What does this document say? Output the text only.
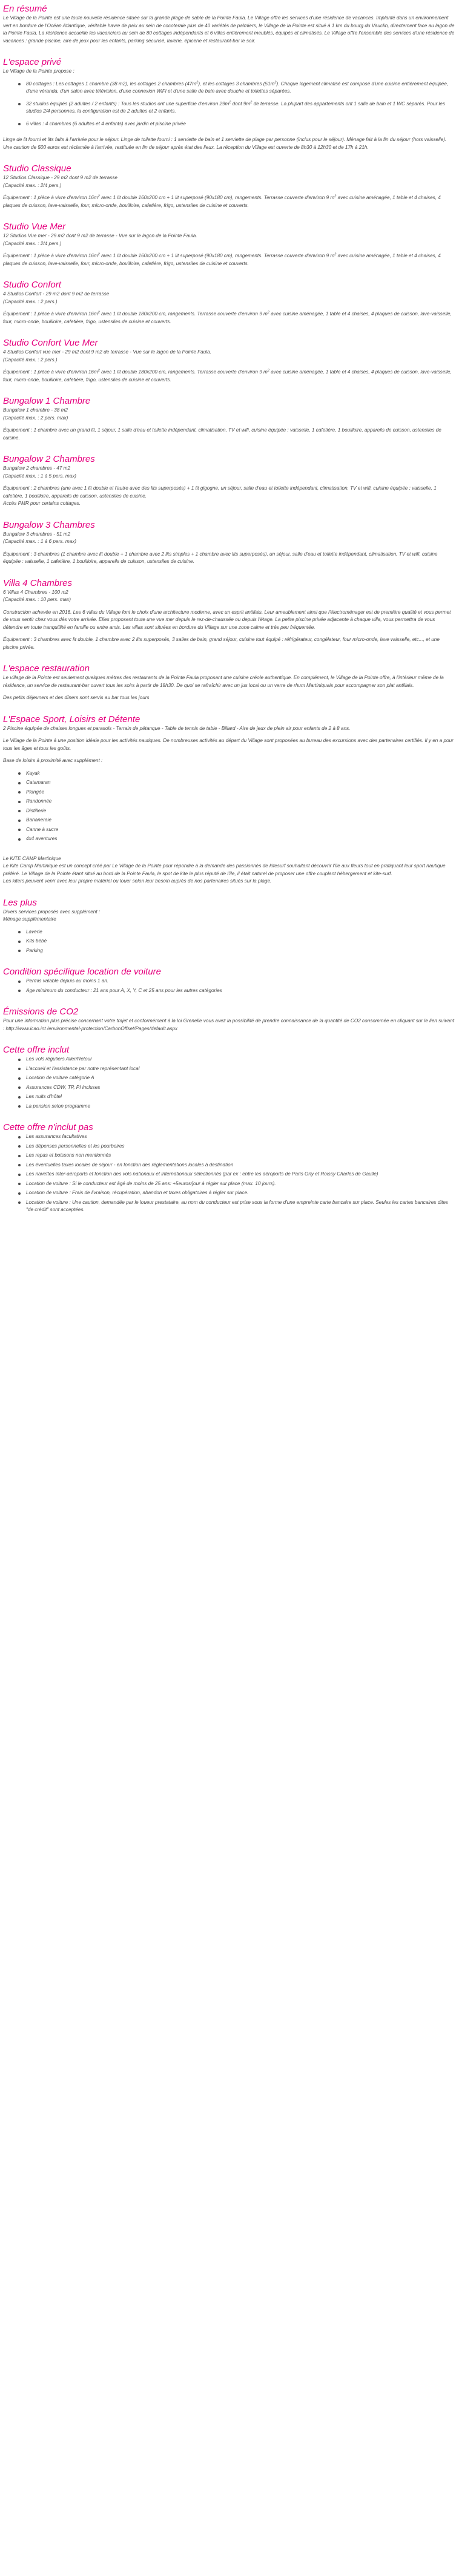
En résumé

Le Village de la Pointe est une toute nouvelle résidence située sur la grande plage de sable de la Pointe Faula. Le Village offre les services d'une résidence de vacances. Implanté dans un environnement vert en bordure de l'Océan Atlantique, véritable havre de paix au sein de cocoteraie plus de 40 variétés de palmiers, le Village de la Pointe est situé à 1 km du bourg du Vauclin, directement face au lagon de la Pointe Faula. La résidence accueille les vacanciers au sein de 80 cottages indépendants et 6 villas entièrement meublés, équipés et climatisés. Le Village offre l'ensemble des services d'une résidence de vacances : grande piscine, aire de jeux pour les enfants, parking sécurisé, laverie, épicerie et restaurant-bar le soir.

L'espace privé

Le Village de la Pointe propose :

80 cottages : Les cottages 1 chambre (38 m2), les cottages 2 chambres $(47m^2)$, et les cottages 3 chambres $(51m^2)$. Chaque logement climatisé est composé d'une cuisine entièrement équipée, d'une véranda, d'un salon avec télévision, d'une connexion WiFi et d'une salle de bain avec douche et toilettes séparées.
32 studios équipés (2 adultes / 2 enfants) : Tous les studios ont une superficie d'environ $29m^2$ dont $9m^2$ de terrasse. La plupart des appartements ont 1 salle de bain et 1 WC séparés. Pour les studios 2/4 personnes, la configuration est de 2 adultes et 2 enfants.
6 villas : 4 chambres (6 adultes et 4 enfants) avec jardin et piscine privée

Linge de lit fourni et lits faits à l'arrivée pour le séjour. Linge de toilette fourni : 1 serviette de bain et 1 serviette de plage par personne (inclus pour le séjour). Ménage fait à la fin du séjour (hors vaisselle). Une caution de 500 euros est réclamée à l'arrivée, restituée en fin de séjour après état des lieux. La réception du Village est ouverte de 8h30 à 12h30 et de 17h à 21h.

Studio Classique

12 Studios Classique - 29 m2 dont 9 m2 de terrasse

(Capacité max. : 2/4 pers.)

Équipement : 1 pièce à vivre d'environ $16m^2$ avec 1 lit double 160x200 cm + 1 lit superposé (90x180 cm), rangements. Terrasse couverte d'environ 9 $m^2$ avec cuisine aménagée, 1 table et 4 chaises, 4 plaques de cuisson, lave-vaisselle, four, micro-onde, bouilloire, cafetière, frigo, ustensiles de cuisine et couverts.

Studio Vue Mer

12 Studios Vue mer - 29 m2 dont 9 m2 de terrasse - Vue sur le lagon de la Pointe Faula.

(Capacité max. : 2/4 pers.)

Équipement : 1 pièce à vivre d'environ $16m^2$ avec 1 lit double 160x200 cm + 1 lit superposé (90x180 cm), rangements. Terrasse couverte d'environ 9 $m^2$ avec cuisine aménagée, 1 table et 4 chaises, 4 plaques de cuisson, lave-vaisselle, four, micro-onde, bouilloire, cafetière, frigo, ustensiles de cuisine et couverts.

Studio Confort

4 Studios Confort - 29 m2 dont 9 m2 de terrasse

(Capacité max. : 2 pers.)

Équipement : 1 pièce à vivre d'environ $16m^2$ avec 1 lit double 180x200 cm, rangements. Terrasse couverte d'environ 9 $m^2$ avec cuisine aménagée, 1 table et 4 chaises, 4 plaques de cuisson, lave-vaisselle, four, micro-onde, bouilloire, cafetière, frigo, ustensiles de cuisine et couverts.

Studio Confort Vue Mer

4 Studios Confort vue mer - 29 m2 dont 9 m2 de terrasse - Vue sur le lagon de la Pointe Faula.

(Capacité max. : 2 pers.)

Équipement : 1 pièce à vivre d'environ $16m^2$ avec 1 lit double 180x200 cm, rangements. Terrasse couverte d'environ 9 $m^2$ avec cuisine aménagée, 1 table et 4 chaises, 4 plaques de cuisson, lave-vaisselle, four, micro-onde, bouilloire, cafetière, frigo, ustensiles de cuisine et couverts.

Bungalow 1 Chambre

Bungalow 1 chambre - 38 m2

(Capacité max. : 2 pers. max)

Équipement : 1 chambre avec un grand lit, 1 séjour, 1 salle d'eau et toilette indépendant, climatisation, TV et wifi, cuisine équipée : vaisselle, 1 cafetière, 1 bouilloire, appareils de cuisson, ustensiles de cuisine.

Bungalow 2 Chambres

Bungalow 2 chambres - 47 m2

(Capacité max. : 1 à 5 pers. max)

Équipement : 2 chambres (une avec 1 lit double et l'autre avec des lits superposés) + 1 lit gigogne, un séjour, salle d'eau et toilette indépendant, climatisation, TV et wifi, cuisine équipée : vaisselle, 1 cafetière, 1 bouilloire, appareils de cuisson, ustensiles de cuisine.

Accès PMR pour certains cottages.

Bungalow 3 Chambres

Bungalow 3 chambres - 51 m2

(Capacité max. : 1 à 6 pers. max)

Équipement : 3 chambres (1 chambre avec lit double + 1 chambre avec 2 lits simples + 1 chambre avec lits superposés), un séjour, salle d'eau et toilette indépendant, climatisation, TV et wifi, cuisine équipée : vaisselle, 1 cafetière, 1 bouilloire, appareils de cuisson, ustensiles de cuisine.

Villa 4 Chambres

6 Villas 4 Chambres - 100 m2

(Capacité max. : 10 pers. max)

Construction achevée en 2016. Les 6 villas du Village font le choix d'une architecture moderne, avec un esprit antillais. Leur ameublement ainsi que l'électroménager est de première qualité et vous permet de vous sentir chez vous dès votre arrivée. Elles proposent toute une vue mer depuis le rez-de-chaussée ou depuis l'étage. La petite piscine privée adjacente à chaque villa, vous permettra de vous détendre en toute tranquillité en famille ou entre amis. Les villas sont situées en bordure du Village sur une zone calme et très peu fréquentée.

Équipement : 3 chambres avec lit double, 1 chambre avec 2 lits superposés, 3 salles de bain, grand séjour, cuisine tout équipé : réfrigérateur, congélateur, four micro-onde, lave vaisselle, etc..., et une piscine privée.

L'espace restauration

Le village de la Pointe est seulement quelques mètres des restaurants de la Pointe Faula proposant une cuisine créole authentique. En complément, le Village de la Pointe offre, à l'intérieur même de la résidence, un service de restaurant-bar ouvert tous les soirs à partir de 18h30. De quoi se rafraîchir avec un jus local ou un verre de rhum Martiniquais pour accompagner son plat antillais.

Des petits déjeuners et des dîners sont servis au bar tous les jours

L'Espace Sport, Loisirs et Détente

2 Piscine équipée de chaises longues et parasols - Terrain de pétanque - Table de tennis de table - Billard - Aire de jeux de plein air pour enfants de 2 à 8 ans.

Le Village de la Pointe à une position idéale pour les activités nautiques. De nombreuses activités au départ du Village sont proposées au bureau des excursions avec des partenaires certifiés. Il y en a pour tous les âges et tous les goûts.

Base de loisirs à proximité avec supplément :

Kayak
Catamaran
Plongée
Randonnée
Distillerie
Bananeraie
Canne à sucre
4x4 aventures

Le KITE CAMP Martinique

Le Kite Camp Martinique est un concept créé par Le Village de la Pointe pour répondre à la demande des passionnés de kitesurf souhaitant découvrir l'île aux fleurs tout en pratiquant leur sport nautique préféré. Le Village de la Pointe étant situé au bord de la Pointe Faula, le spot de kite le plus réputé de l'île, il était naturel de proposer une offre couplant hébergement et kite-surf.

Les kiters peuvent venir avec leur propre matériel ou louer selon leur besoin auprès de nos partenaires situés sur la plage.

Les plus

Divers services proposés avec supplément :

Ménage supplémentaire

Laverie
Kits bébé
Parking
Condition spécifique location de voiture
Permis valable depuis au moins 1 an.
Age minimum du conducteur : 21 ans pour A, X, Y, C et 25 ans pour les autres catégories
Émissions de CO2

Pour une information plus précise concernant votre trajet et conformément à la loi Grenelle vous avez la possibilité de prendre connaissance de la quantité de CO2 consommée en cliquant sur le lien suivant : http://www.icao.int /environmental-protection/CarbonOffset/Pages/default.aspx

Cette offre inclut
Les vols réguliers Aller/Retour
L'accueil et l'assistance par notre représentant local
Location de voiture catégorie A
Assurances CDW, TP, PI incluses
Les nuits d'hôtel
La pension selon programme
Cette offre n'inclut pas
Les assurances facultatives
Les dépenses personnelles et les pourboires
Les repas et boissons non mentionnés
Les éventuelles taxes locales de séjour - en fonction des réglementations locales à destination
Les navettes inter-aéroports et fonction des vols nationaux et internationaux sélectionnés (par ex : entre les aéroports de Paris Orly et Roissy Charles de Gaulle)
Location de voiture : Si le conducteur est âgé de moins de 25 ans: +5euros/jour à régler sur place (max. 10 jours).
Location de voiture : Frais de livraison, récupération, abandon et taxes obligatoires à régler sur place.
Location de voiture : Une caution, demandée par le loueur prestataire, au nom du conducteur est prise sous la forme d'une empreinte carte bancaire sur place. Seules les cartes bancaires dites "de crédit" sont acceptées.
